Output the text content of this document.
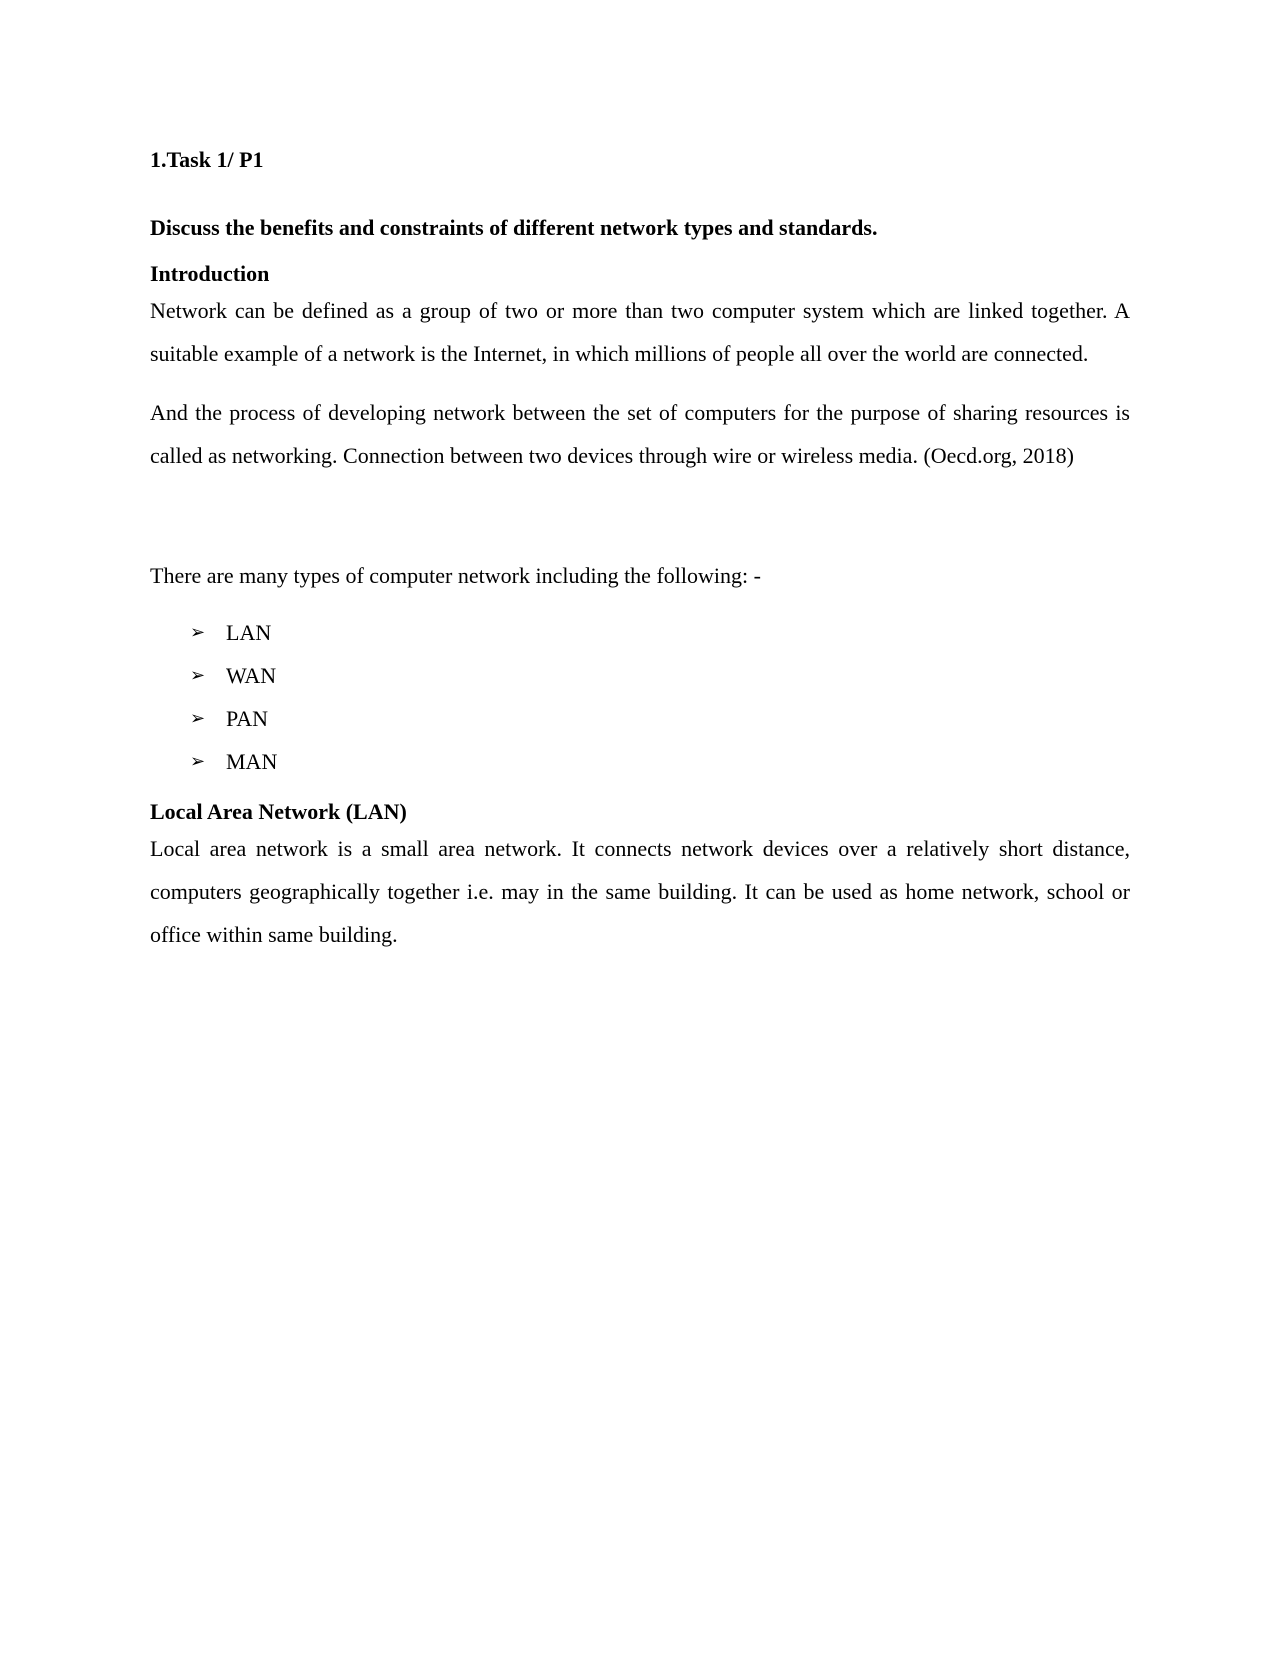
1.Task 1/ P1

Discuss the benefits and constraints of different network types and standards.

Introduction

Network can be defined as a group of two or more than two computer system which are linked together. A suitable example of a network is the Internet, in which millions of people all over the world are connected.

And the process of developing network between the set of computers for the purpose of sharing resources is called as networking. Connection between two devices through wire or wireless media. (Oecd.org, 2018)

There are many types of computer network including the following: -

➢ LAN
➢ WAN
➢ PAN
➢ MAN

Local Area Network (LAN)

Local area network is a small area network. It connects network devices over a relatively short distance, computers geographically together i.e. may in the same building. It can be used as home network, school or office within same building.
